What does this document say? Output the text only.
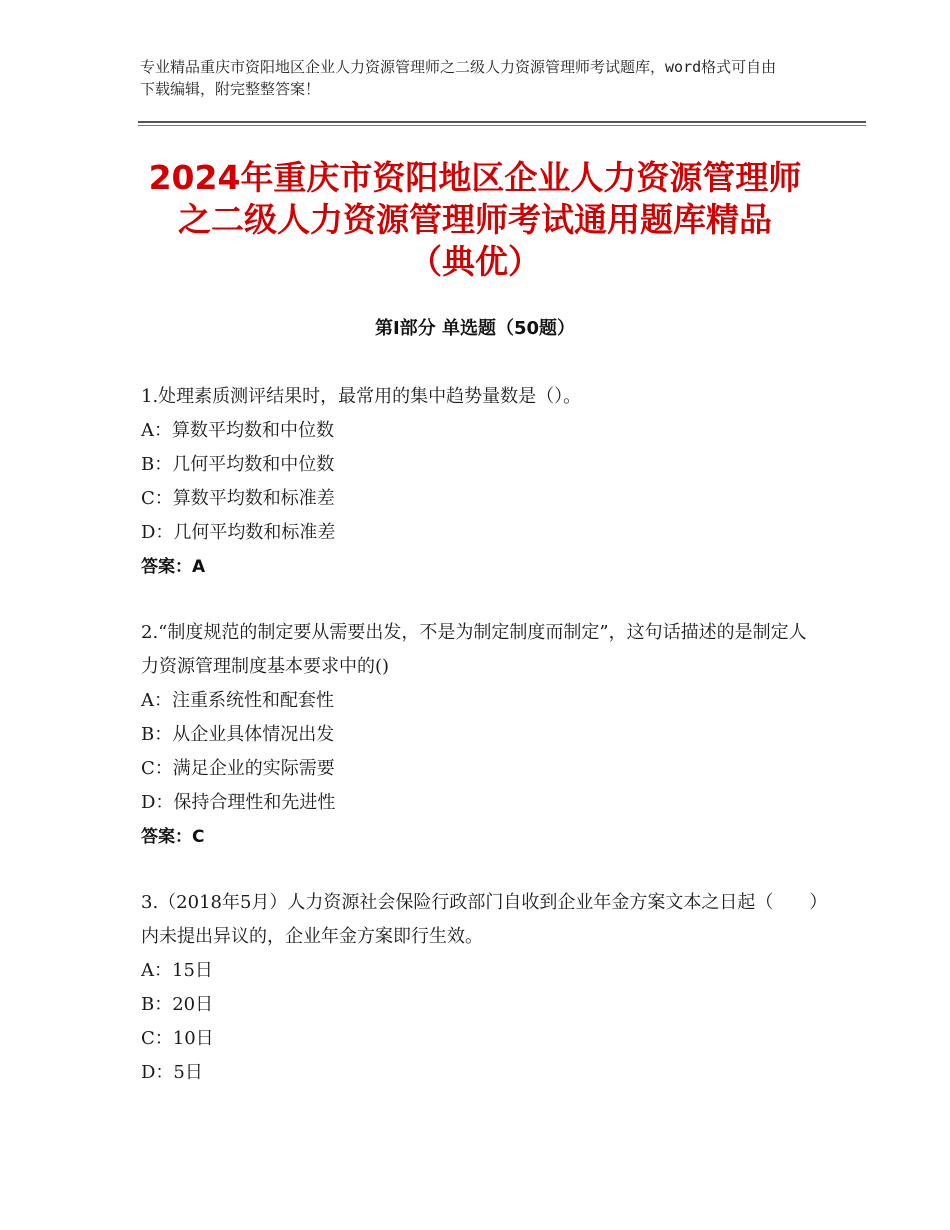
专业精品重庆市资阳地区企业人力资源管理师之二级人力资源管理师考试题库，word格式可自由下载编辑，附完整整答案！
2024年重庆市资阳地区企业人力资源管理师
之二级人力资源管理师考试通用题库精品
（典优）
第Ⅰ部分 单选题（50题）
1.处理素质测评结果时，最常用的集中趋势量数是（）。
A：算数平均数和中位数
B：几何平均数和中位数
C：算数平均数和标准差
D：几何平均数和标准差
答案：A
2.“制度规范的制定要从需要出发，不是为制定制度而制定”，这句话描述的是制定人力资源管理制度基本要求中的()
A：注重系统性和配套性
B：从企业具体情况出发
C：满足企业的实际需要
D：保持合理性和先进性
答案：C
3.（2018年5月）人力资源社会保险行政部门自收到企业年金方案文本之日起（　　）内未提出异议的，企业年金方案即行生效。
A：15日
B：20日
C：10日
D：5日
